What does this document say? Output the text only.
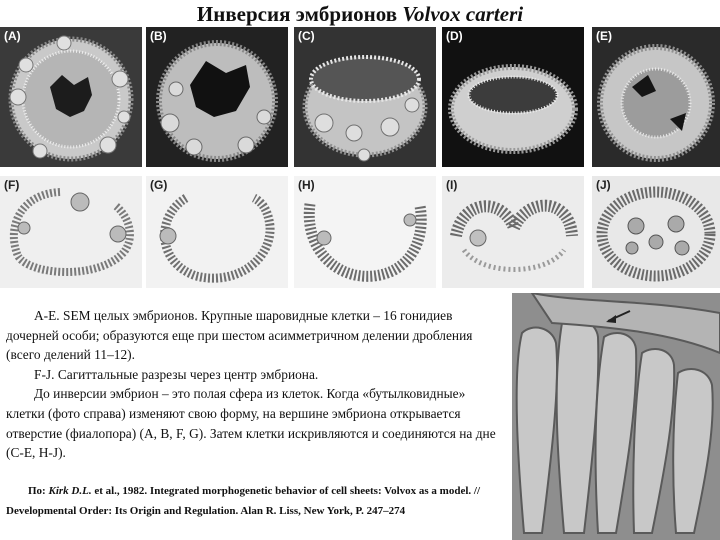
Инверсия эмбрионов Volvox carteri
(A)	(B)	(C)	(D)	(E)
(F)	(G)	(H)	(I)	(J)

А-Е. SEM целых эмбрионов. Крупные шаровидные клетки – 16 гонидиев дочерней особи; образуются еще при шестом асимметричном делении дробления (всего делений 11–12).

F-J. Сагиттальные разрезы через центр эмбриона.

До инверсии эмбрион – это полая сфера из клеток. Когда «бутылковидные» клетки (фото справа) изменяют свою форму, на вершине эмбриона открывается отверстие (фиалопора) (А, В, F, G). Затем клетки искривляются и соединяются на дне (С-Е, H-J).

По: Kirk D.L. et al., 1982. Integrated morphogenetic behavior of cell sheets: Volvox as a model. // Developmental Order: Its Origin and Regulation. Alan R. Liss, New York, P. 247–274
